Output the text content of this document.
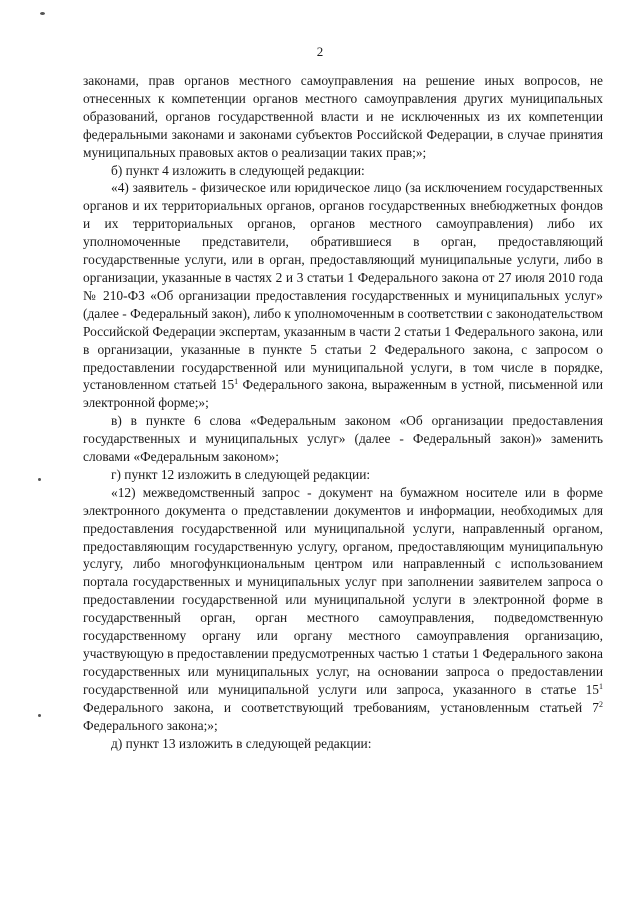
2

законами, прав органов местного самоуправления на решение иных вопросов, не отнесенных к компетенции органов местного самоуправления других муниципальных образований, органов государственной власти и не исключенных из их компетенции федеральными законами и законами субъектов Российской Федерации, в случае принятия муниципальных правовых актов о реализации таких прав;»;

б) пункт 4 изложить в следующей редакции:

«4) заявитель - физическое или юридическое лицо (за исключением государственных органов и их территориальных органов, органов государственных внебюджетных фондов и их территориальных органов, органов местного самоуправления) либо их уполномоченные представители, обратившиеся в орган, предоставляющий государственные услуги, или в орган, предоставляющий муниципальные услуги, либо в организации, указанные в частях 2 и 3 статьи 1 Федерального закона от 27 июля 2010 года № 210-ФЗ «Об организации предоставления государственных и муниципальных услуг» (далее - Федеральный закон), либо к уполномоченным в соответствии с законодательством Российской Федерации экспертам, указанным в части 2 статьи 1 Федерального закона, или в организации, указанные в пункте 5 статьи 2 Федерального закона, с запросом о предоставлении государственной или муниципальной услуги, в том числе в порядке, установленном статьей $15^1$ Федерального закона, выраженным в устной, письменной или электронной форме;»;

в) в пункте 6 слова «Федеральным законом «Об организации предоставления государственных и муниципальных услуг» (далее - Федеральный закон)» заменить словами «Федеральным законом»;

г) пункт 12 изложить в следующей редакции:

«12) межведомственный запрос - документ на бумажном носителе или в форме электронного документа о представлении документов и информации, необходимых для предоставления государственной или муниципальной услуги, направленный органом, предоставляющим государственную услугу, органом, предоставляющим муниципальную услугу, либо многофункциональным центром или направленный с использованием портала государственных и муниципальных услуг при заполнении заявителем запроса о предоставлении государственной или муниципальной услуги в электронной форме в государственный орган, орган местного самоуправления, подведомственную государственному органу или органу местного самоуправления организацию, участвующую в предоставлении предусмотренных частью 1 статьи 1 Федерального закона государственных или муниципальных услуг, на основании запроса о предоставлении государственной или муниципальной услуги или запроса, указанного в статье $15^1$ Федерального закона, и соответствующий требованиям, установленным статьей $7^2$ Федерального закона;»;

д) пункт 13 изложить в следующей редакции:
